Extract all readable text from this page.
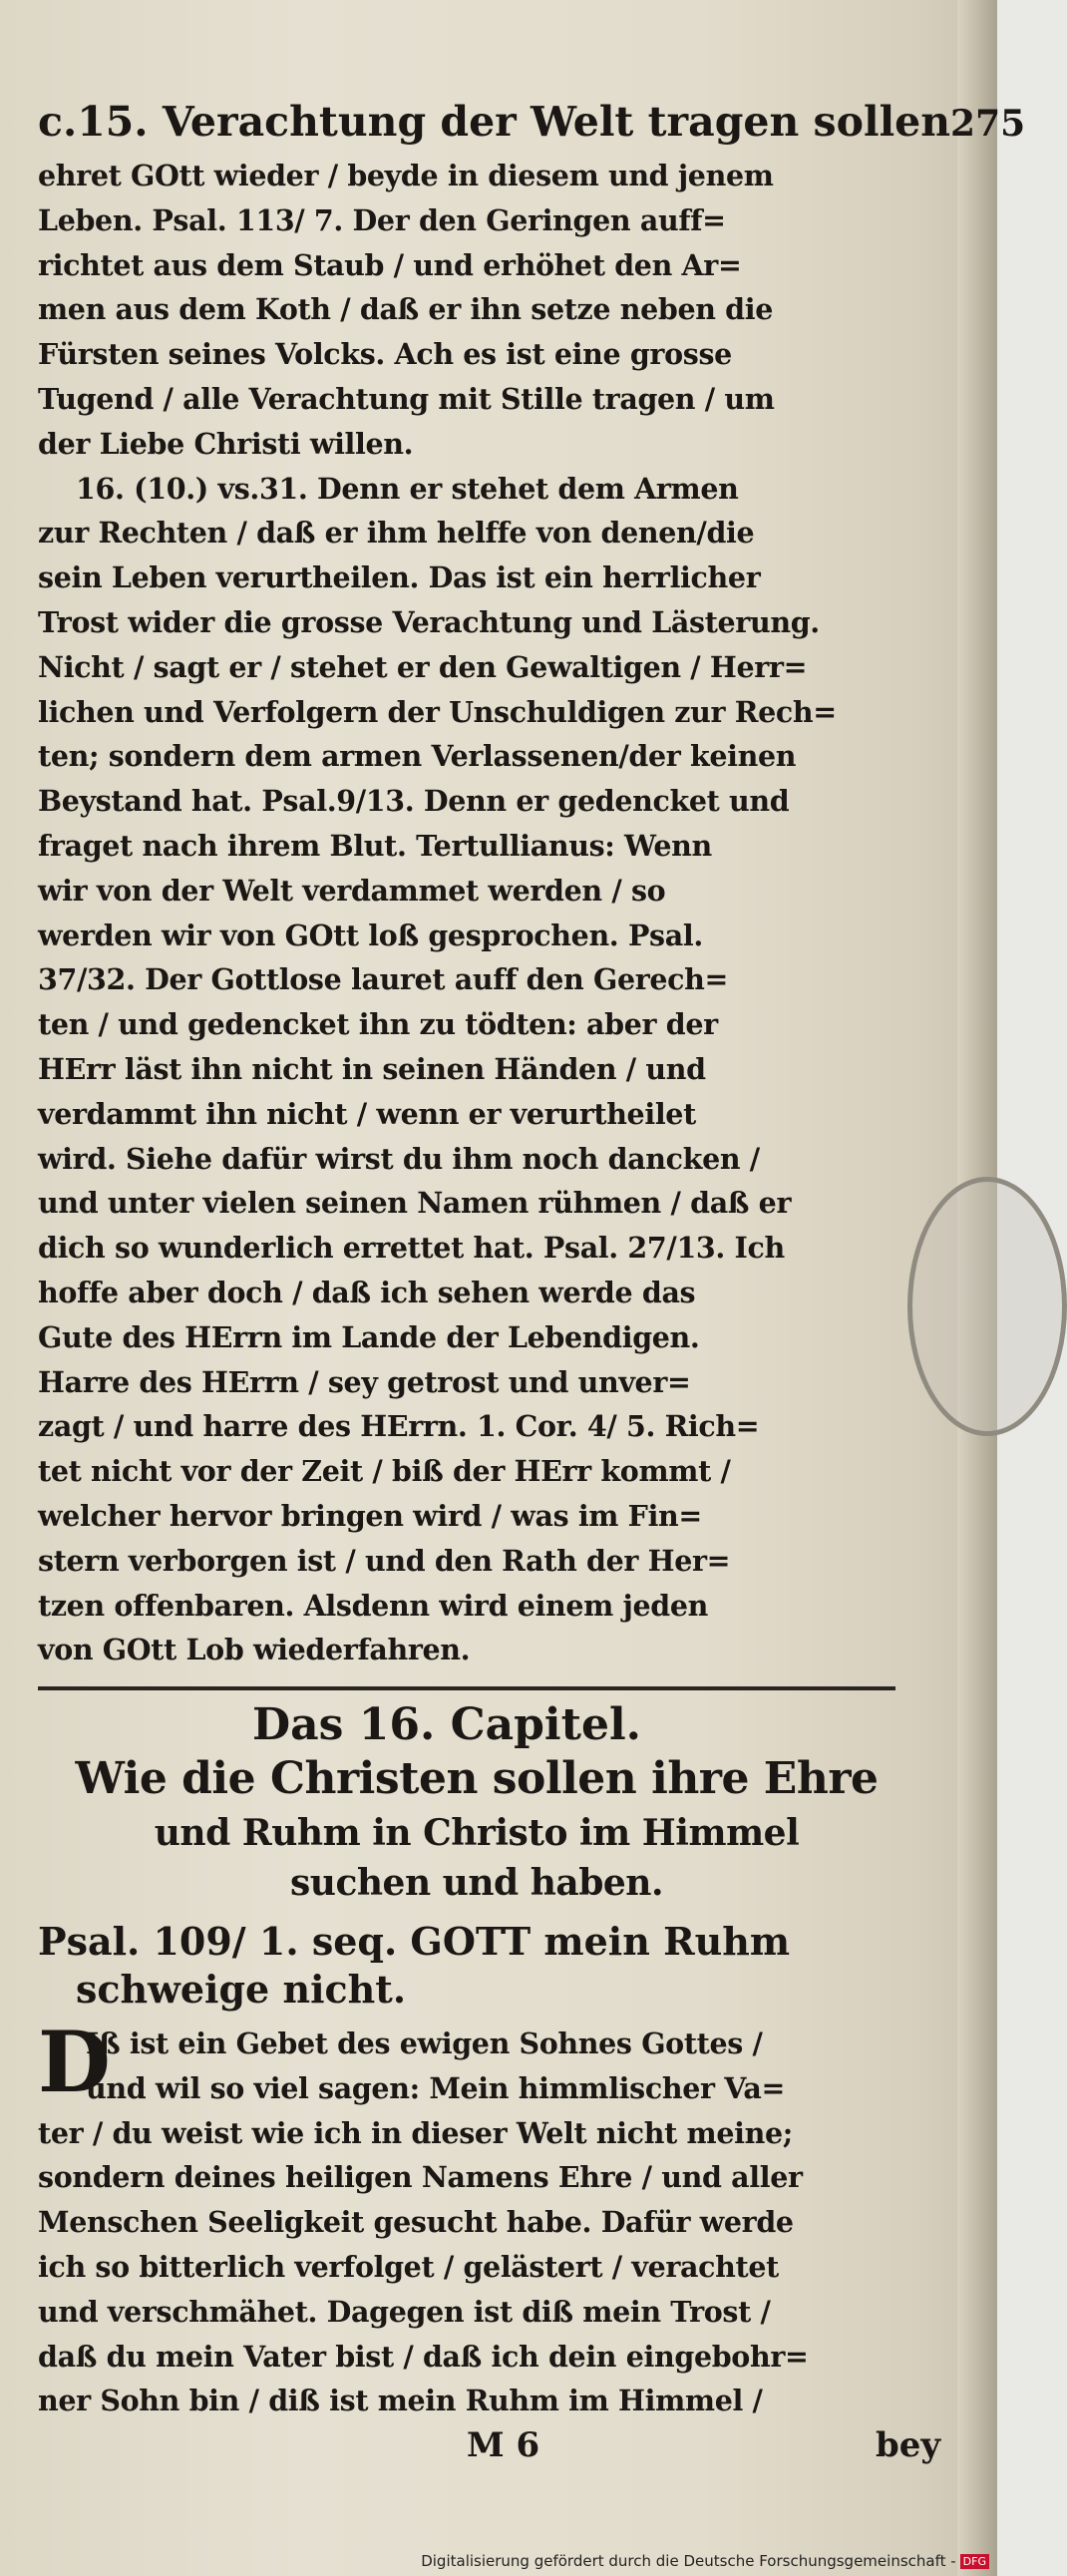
c.15. Verachtung der Welt tragen sollen 275
ehret GOtt wieder / beyde in diesem und jenem
Leben. Psal. 113/ 7. Der den Geringen auff=
richtet aus dem Staub / und erhöhet den Ar=
men aus dem Koth / daß er ihn setze neben die
Fürsten seines Volcks. Ach es ist eine grosse
Tugend / alle Verachtung mit Stille tragen / um
der Liebe Christi willen.
16. (10.) vs.31. Denn er stehet dem Armen
zur Rechten / daß er ihm helffe von denen/die
sein Leben verurtheilen. Das ist ein herrlicher
Trost wider die grosse Verachtung und Lästerung.
Nicht / sagt er / stehet er den Gewaltigen / Herr=
lichen und Verfolgern der Unschuldigen zur Rech=
ten; sondern dem armen Verlassenen/der keinen
Beystand hat. Psal.9/13. Denn er gedencket und
fraget nach ihrem Blut. Tertullianus: Wenn
wir von der Welt verdammet werden / so
werden wir von GOtt loß gesprochen. Psal.
37/32. Der Gottlose lauret auff den Gerech=
ten / und gedencket ihn zu tödten: aber der
HErr läst ihn nicht in seinen Händen / und
verdammt ihn nicht / wenn er verurtheilet
wird. Siehe dafür wirst du ihm noch dancken /
und unter vielen seinen Namen rühmen / daß er
dich so wunderlich errettet hat. Psal. 27/13. Ich
hoffe aber doch / daß ich sehen werde das
Gute des HErrn im Lande der Lebendigen.
Harre des HErrn / sey getrost und unver=
zagt / und harre des HErrn. 1. Cor. 4/ 5. Rich=
tet nicht vor der Zeit / biß der HErr kommt /
welcher hervor bringen wird / was im Fin=
stern verborgen ist / und den Rath der Her=
tzen offenbaren. Alsdenn wird einem jeden
von GOtt Lob wiederfahren.
Das 16. Capitel.
Wie die Christen sollen ihre Ehre
und Ruhm in Christo im Himmel
suchen und haben.
Psal. 109/ 1. seq. GOTT mein Ruhm
schweige nicht.
D
Iß ist ein Gebet des ewigen Sohnes Gottes /
und wil so viel sagen: Mein himmlischer Va=
ter / du weist wie ich in dieser Welt nicht meine;
sondern deines heiligen Namens Ehre / und aller
Menschen Seeligkeit gesucht habe. Dafür werde
ich so bitterlich verfolget / gelästert / verachtet
und verschmähet. Dagegen ist diß mein Trost /
daß du mein Vater bist / daß ich dein eingebohr=
ner Sohn bin / diß ist mein Ruhm im Himmel /
M 6	bey

Digitalisierung gefördert durch die Deutsche Forschungsgemeinschaft - DFG
